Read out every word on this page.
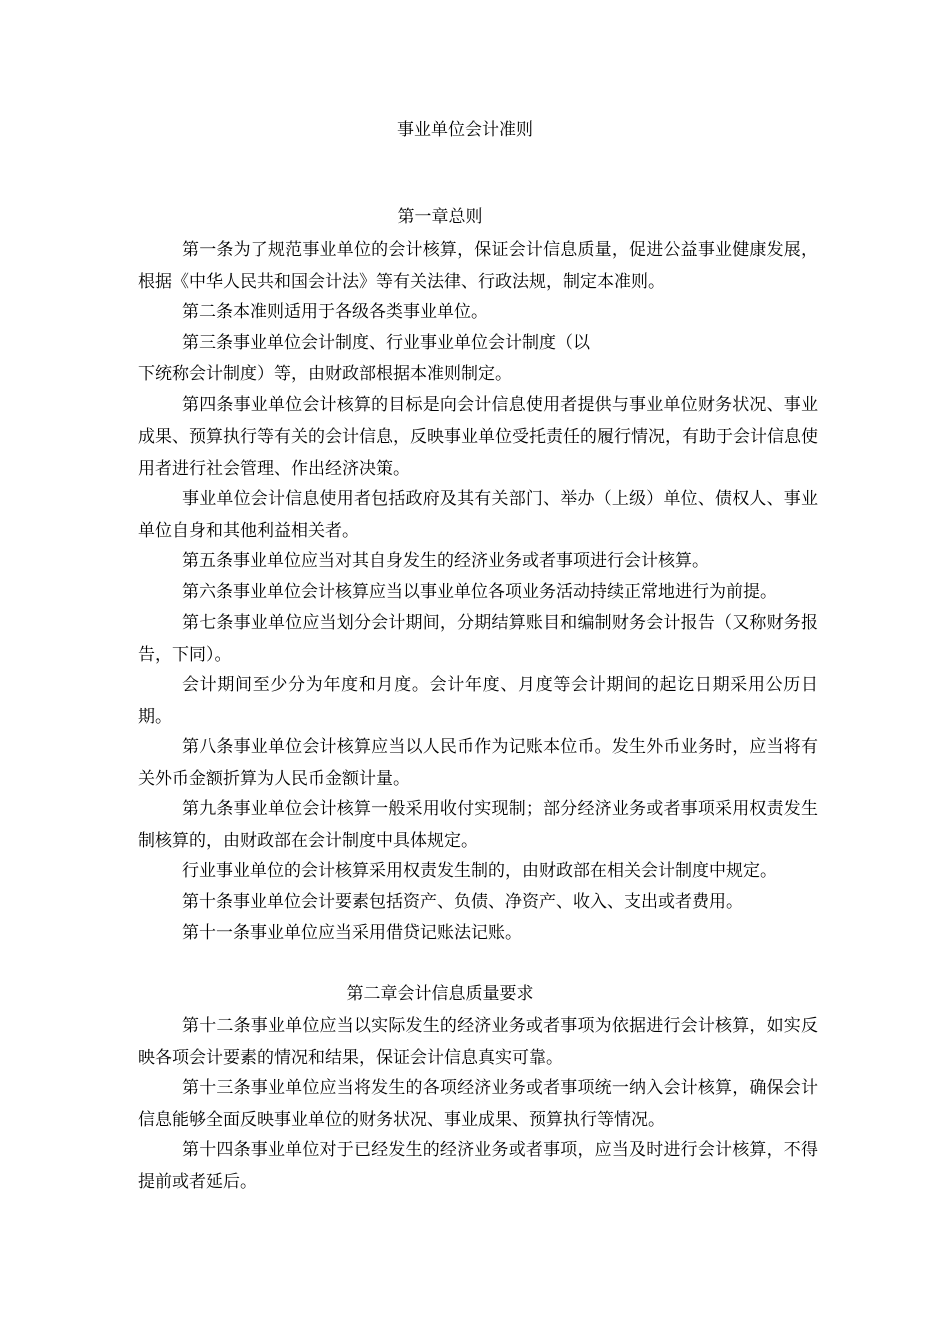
事业单位会计准则
第一章总则

第一条为了规范事业单位的会计核算，保证会计信息质量，促进公益事业健康发展，根据《中华人民共和国会计法》等有关法律、行政法规，制定本准则。

第二条本准则适用于各级各类事业单位。

第三条事业单位会计制度、行业事业单位会计制度（以

下统称会计制度）等，由财政部根据本准则制定。

第四条事业单位会计核算的目标是向会计信息使用者提供与事业单位财务状况、事业成果、预算执行等有关的会计信息，反映事业单位受托责任的履行情况，有助于会计信息使用者进行社会管理、作出经济决策。

事业单位会计信息使用者包括政府及其有关部门、举办（上级）单位、债权人、事业单位自身和其他利益相关者。

第五条事业单位应当对其自身发生的经济业务或者事项进行会计核算。

第六条事业单位会计核算应当以事业单位各项业务活动持续正常地进行为前提。

第七条事业单位应当划分会计期间，分期结算账目和编制财务会计报告（又称财务报告，下同）。

会计期间至少分为年度和月度。会计年度、月度等会计期间的起讫日期采用公历日期。

第八条事业单位会计核算应当以人民币作为记账本位币。发生外币业务时，应当将有关外币金额折算为人民币金额计量。

第九条事业单位会计核算一般采用收付实现制；部分经济业务或者事项采用权责发生制核算的，由财政部在会计制度中具体规定。

行业事业单位的会计核算采用权责发生制的，由财政部在相关会计制度中规定。

第十条事业单位会计要素包括资产、负债、净资产、收入、支出或者费用。

第十一条事业单位应当采用借贷记账法记账。

第二章会计信息质量要求

第十二条事业单位应当以实际发生的经济业务或者事项为依据进行会计核算，如实反映各项会计要素的情况和结果，保证会计信息真实可靠。

第十三条事业单位应当将发生的各项经济业务或者事项统一纳入会计核算，确保会计信息能够全面反映事业单位的财务状况、事业成果、预算执行等情况。

第十四条事业单位对于已经发生的经济业务或者事项，应当及时进行会计核算，不得提前或者延后。
